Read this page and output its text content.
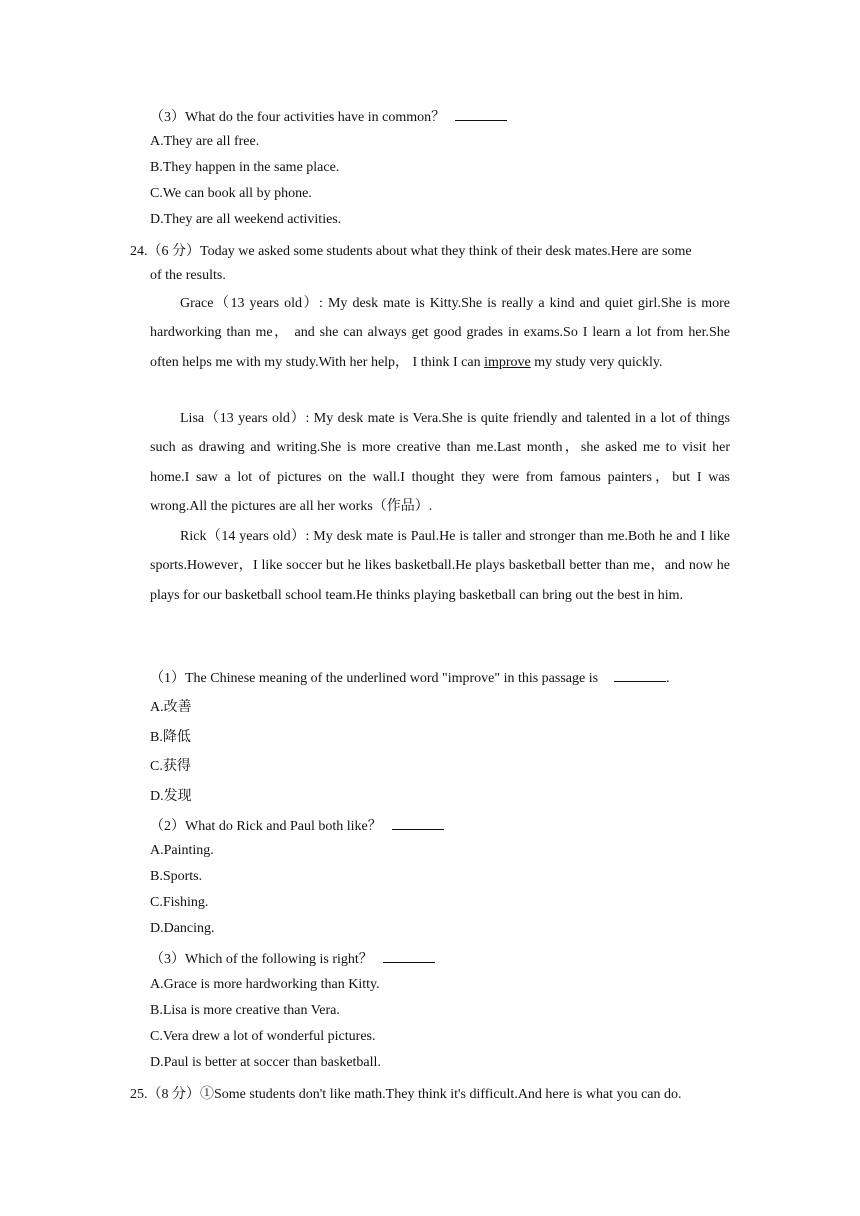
（3）What do the four activities have in common？
A.They are all free.
B.They happen in the same place.
C.We can book all by phone.
D.They are all weekend activities.
24.（6 分）Today we asked some students about what they think of their desk mates.Here are some
of the results.
Grace（13 years old）: My desk mate is Kitty.She is really a kind and quiet girl.She is more hardworking than me， and she can always get good grades in exams.So I learn a lot from her.She often helps me with my study.With her help， I think I can improve my study very quickly.
Lisa（13 years old）: My desk mate is Vera.She is quite friendly and talented in a lot of things such as drawing and writing.She is more creative than me.Last month，she asked me to visit her home.I saw a lot of pictures on the wall.I thought they were from famous painters，but I was wrong.All the pictures are all her works（作品）.
Rick（14 years old）: My desk mate is Paul.He is taller and stronger than me.Both he and I like sports.However，I like soccer but he likes basketball.He plays basketball better than me，and now he plays for our basketball school team.He thinks playing basketball can bring out the best in him.
（1）The Chinese meaning of the underlined word "improve" in this passage is	.
A.改善
B.降低
C.获得
D.发现
（2）What do Rick and Paul both like？
A.Painting.
B.Sports.
C.Fishing.
D.Dancing.
（3）Which of the following is right？
A.Grace is more hardworking than Kitty.
B.Lisa is more creative than Vera.
C.Vera drew a lot of wonderful pictures.
D.Paul is better at soccer than basketball.
25.（8 分）①Some students don't like math.They think it's difficult.And here is what you can do.
